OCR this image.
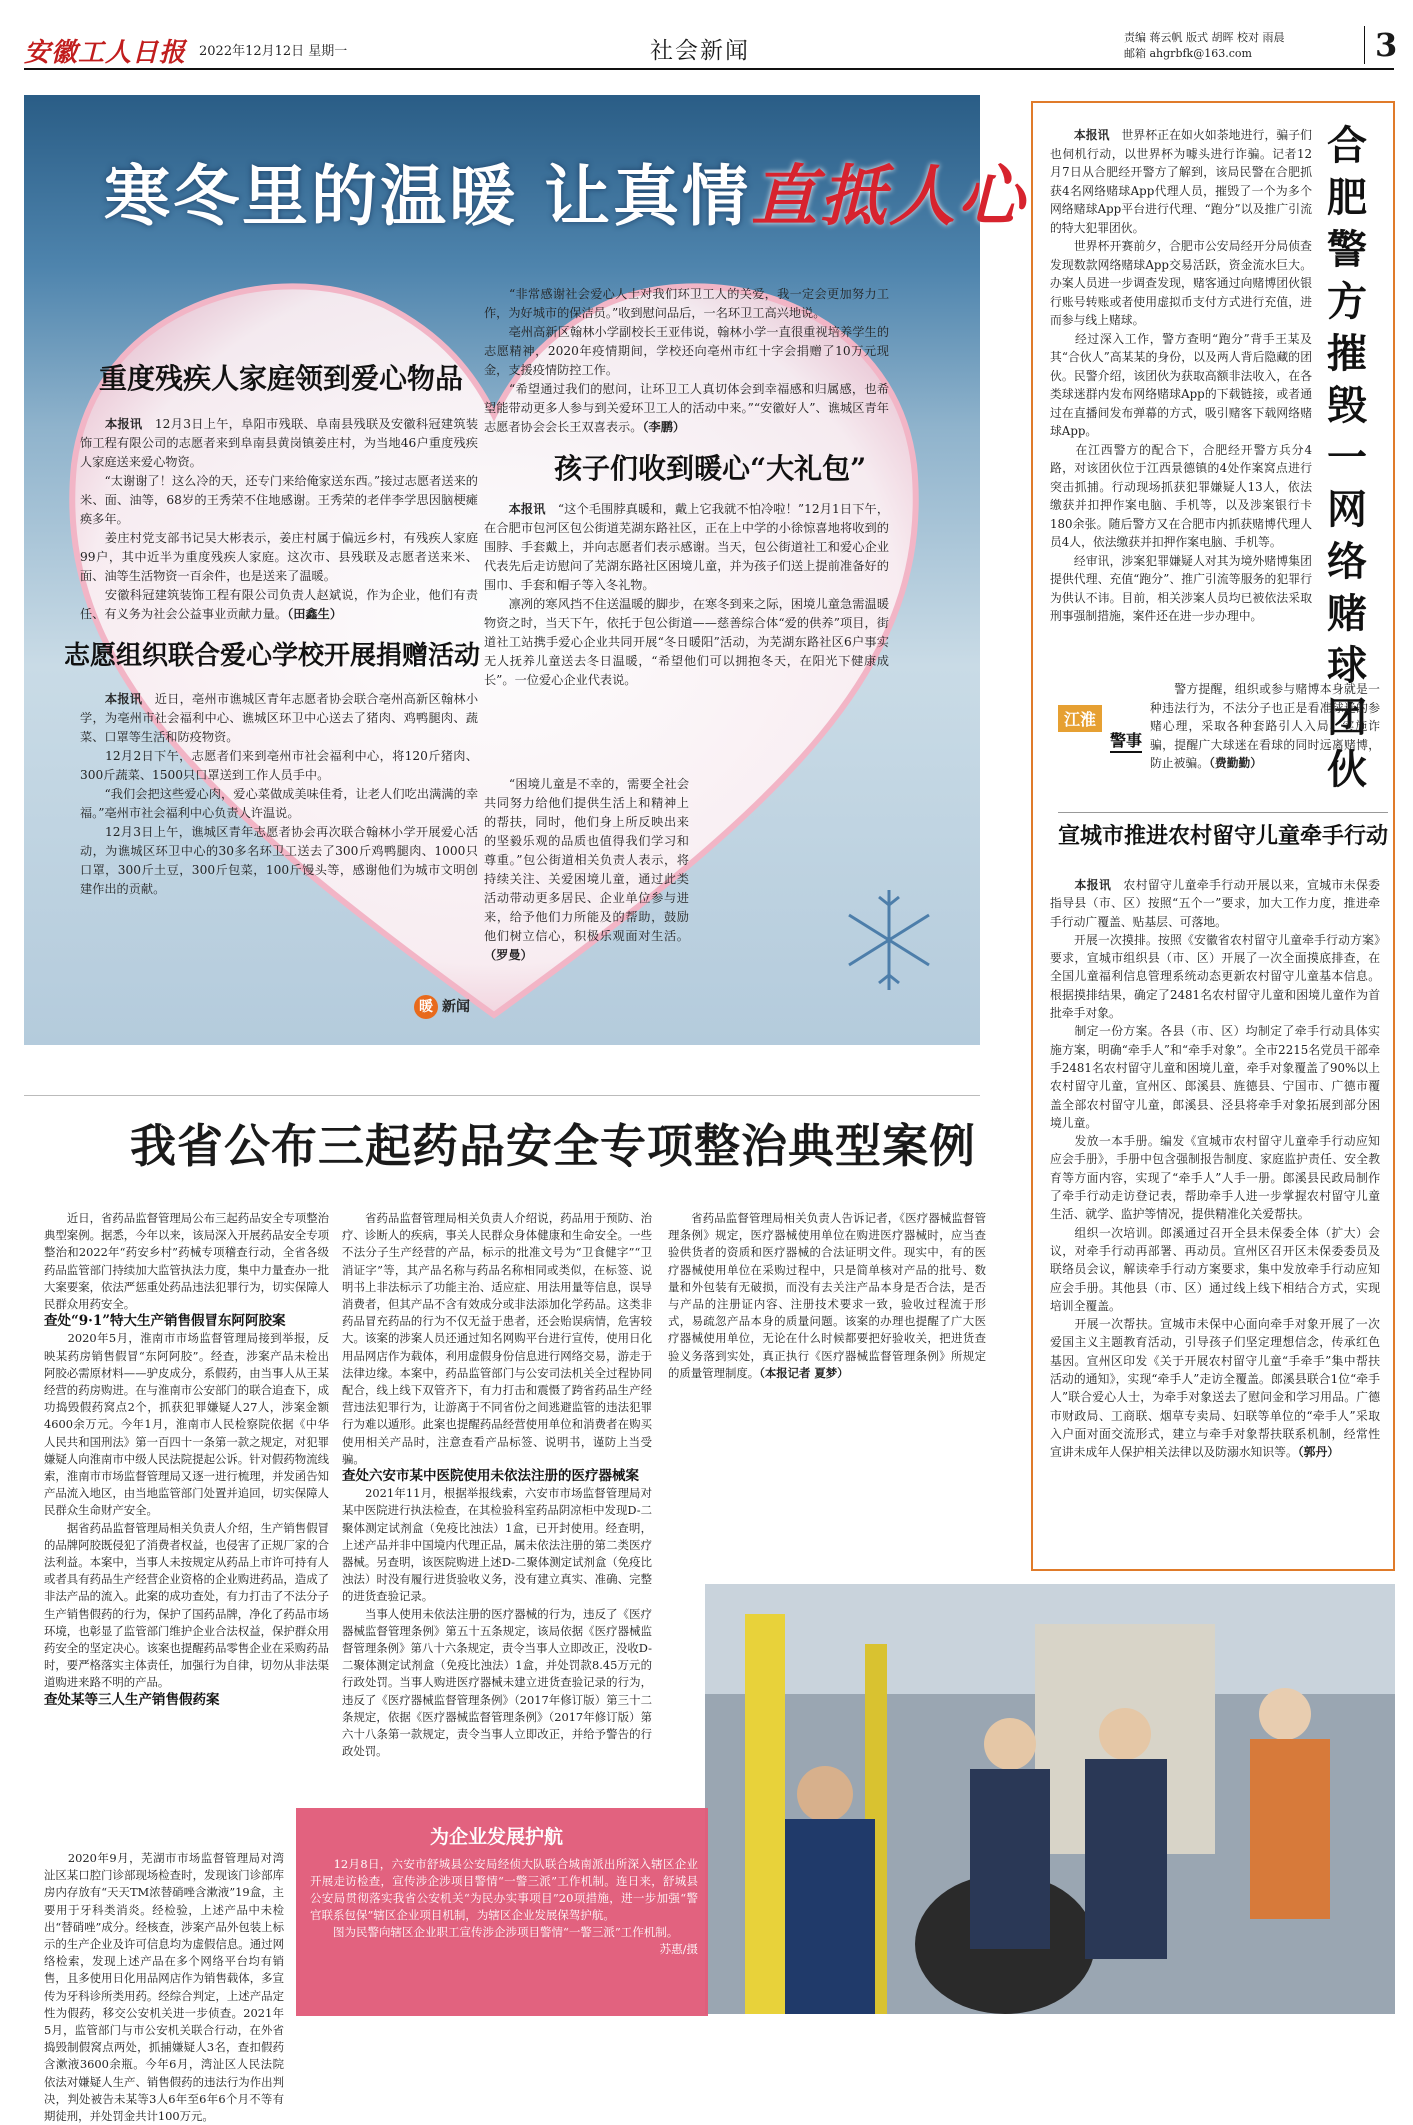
安徽工人日报 2022年12月12日 星期一	社会新闻
责编 蒋云帆 版式 胡晖 校对 雨晨
邮箱 ahgrbfk@163.com	3
寒冬里的温暖 让真情直抵人心
重度残疾人家庭领到爱心物品

　　本报讯　 12月3日上午，阜阳市残联、阜南县残联及安徽科冠建筑装饰工程有限公司的志愿者来到阜南县黄岗镇姜庄村，为当地46户重度残疾人家庭送来爱心物资。

　　“太谢谢了！这么冷的天，还专门来给俺家送东西。”接过志愿者送来的米、面、油等，68岁的王秀荣不住地感谢。王秀荣的老伴李学思因脑梗瘫痪多年。

　　姜庄村党支部书记吴大彬表示，姜庄村属于偏远乡村，有残疾人家庭99户，其中近半为重度残疾人家庭。这次市、县残联及志愿者送来米、面、油等生活物资一百余件，也是送来了温暖。

　　安徽科冠建筑装饰工程有限公司负责人赵斌说，作为企业，他们有责任、有义务为社会公益事业贡献力量。（田鑫生）

志愿组织联合爱心学校开展捐赠活动

　　本报讯　 近日，亳州市谯城区青年志愿者协会联合亳州高新区翰林小学，为亳州市社会福利中心、谯城区环卫中心送去了猪肉、鸡鸭腿肉、蔬菜、口罩等生活和防疫物资。

　　12月2日下午，志愿者们来到亳州市社会福利中心，将120斤猪肉、300斤蔬菜、1500只口罩送到工作人员手中。

　　“我们会把这些爱心肉，爱心菜做成美味佳肴，让老人们吃出满满的幸福。”亳州市社会福利中心负责人许温说。

　　12月3日上午，谯城区青年志愿者协会再次联合翰林小学开展爱心活动，为谯城区环卫中心的30多名环卫工送去了300斤鸡鸭腿肉、1000只口罩，300斤土豆，300斤包菜，100斤馒头等，感谢他们为城市文明创建作出的贡献。

　　“非常感谢社会爱心人士对我们环卫工人的关爱，我一定会更加努力工作，为好城市的保洁员。”收到慰问品后，一名环卫工高兴地说。

　　亳州高新区翰林小学副校长王亚伟说，翰林小学一直很重视培养学生的志愿精神，2020年疫情期间，学校还向亳州市红十字会捐赠了10万元现金，支援疫情防控工作。

　　“希望通过我们的慰问，让环卫工人真切体会到幸福感和归属感，也希望能带动更多人参与到关爱环卫工人的活动中来。”“安徽好人”、谯城区青年志愿者协会会长王双喜表示。（李鹏）

孩子们收到暖心“大礼包”

　　本报讯　 “这个毛围脖真暖和，戴上它我就不怕冷啦！”12月1日下午，在合肥市包河区包公街道芜湖东路社区，正在上中学的小徐惊喜地将收到的围脖、手套戴上，并向志愿者们表示感谢。当天，包公街道社工和爱心企业代表先后走访慰问了芜湖东路社区困境儿童，并为孩子们送上提前准备好的围巾、手套和帽子等入冬礼物。

　　凛冽的寒风挡不住送温暖的脚步，在寒冬到来之际，困境儿童急需温暖物资之时，当天下午，依托于包公街道——慈善综合体“爱的供养”项目，街道社工站携手爱心企业共同开展“冬日暖阳”活动，为芜湖东路社区6户事实无人抚养儿童送去冬日温暖，“希望他们可以拥抱冬天，在阳光下健康成长”。一位爱心企业代表说。

　　“困境儿童是不幸的，需要全社会共同努力给他们提供生活上和精神上的帮扶，同时，他们身上所反映出来的坚毅乐观的品质也值得我们学习和尊重。”包公街道相关负责人表示，将持续关注、关爱困境儿童，通过此类活动带动更多居民、企业单位参与进来，给予他们力所能及的帮助，鼓励他们树立信心，积极乐观面对生活。（罗曼）

暖 新闻
合肥警方摧毁一网络赌球团伙

　　本报讯　 世界杯正在如火如荼地进行，骗子们也伺机行动，以世界杯为噱头进行诈骗。记者12月7日从合肥经开警方了解到，该局民警在合肥抓获4名网络赌球App代理人员，摧毁了一个为多个网络赌球App平台进行代理、“跑分”以及推广引流的特大犯罪团伙。

　　世界杯开赛前夕，合肥市公安局经开分局侦查发现数款网络赌球App交易活跃，资金流水巨大。办案人员进一步调查发现，赌客通过向赌博团伙银行账号转账或者使用虚拟币支付方式进行充值，进而参与线上赌球。

　　经过深入工作，警方查明“跑分”背手王某及其“合伙人”高某某的身份，以及两人背后隐藏的团伙。民警介绍，该团伙为获取高额非法收入，在各类球迷群内发布网络赌球App的下载链接，或者通过在直播间发布弹幕的方式，吸引赌客下载网络赌球App。

　　在江西警方的配合下，合肥经开警方兵分4路，对该团伙位于江西景德镇的4处作案窝点进行突击抓捕。行动现场抓获犯罪嫌疑人13人，依法缴获并扣押作案电脑、手机等，以及涉案银行卡180余张。随后警方又在合肥市内抓获赌博代理人员4人，依法缴获并扣押作案电脑、手机等。

　　经审讯，涉案犯罪嫌疑人对其为境外赌博集团提供代理、充值“跑分”、推广引流等服务的犯罪行为供认不讳。目前，相关涉案人员均已被依法采取刑事强制措施，案件还在进一步办理中。

　　警方提醒，组织或参与赌博本身就是一种违法行为，不法分子也正是看准球迷的参赌心理，采取各种套路引人入局、实施诈骗，提醒广大球迷在看球的同时远离赌博，防止被骗。（费勤勤）

江淮
警事
宣城市推进农村留守儿童牵手行动

　　本报讯　 农村留守儿童牵手行动开展以来，宣城市未保委指导县（市、区）按照“五个一”要求，加大工作力度，推进牵手行动广覆盖、贴基层、可落地。

　　开展一次摸排。按照《安徽省农村留守儿童牵手行动方案》要求，宣城市组织县（市、区）开展了一次全面摸底排查，在全国儿童福利信息管理系统动态更新农村留守儿童基本信息。根据摸排结果，确定了2481名农村留守儿童和困境儿童作为首批牵手对象。

　　制定一份方案。各县（市、区）均制定了牵手行动具体实施方案，明确“牵手人”和“牵手对象”。全市2215名党员干部牵手2481名农村留守儿童和困境儿童，牵手对象覆盖了90%以上农村留守儿童，宣州区、郎溪县、旌德县、宁国市、广德市覆盖全部农村留守儿童，郎溪县、泾县将牵手对象拓展到部分困境儿童。

　　发放一本手册。编发《宣城市农村留守儿童牵手行动应知应会手册》，手册中包含强制报告制度、家庭监护责任、安全教育等方面内容，实现了“牵手人”人手一册。郎溪县民政局制作了牵手行动走访登记表，帮助牵手人进一步掌握农村留守儿童生活、就学、监护等情况，提供精准化关爱帮扶。

　　组织一次培训。郎溪通过召开全县未保委全体（扩大）会议，对牵手行动再部署、再动员。宣州区召开区未保委委员及联络员会议，解读牵手行动方案要求，集中发放牵手行动应知应会手册。其他县（市、区）通过线上线下相结合方式，实现培训全覆盖。

　　开展一次帮扶。宣城市未保中心面向牵手对象开展了一次爱国主义主题教育活动，引导孩子们坚定理想信念，传承红色基因。宣州区印发《关于开展农村留守儿童“手牵手”集中帮扶活动的通知》，实现“牵手人”走访全覆盖。郎溪县联合1位“牵手人”联合爱心人士，为牵手对象送去了慰问金和学习用品。广德市财政局、工商联、烟草专卖局、妇联等单位的“牵手人”采取入户面对面交流形式，建立与牵手对象帮扶联系机制，经常性宣讲未成年人保护相关法律以及防溺水知识等。（郭丹）

我省公布三起药品安全专项整治典型案例

　　近日，省药品监督管理局公布三起药品安全专项整治典型案例。据悉，今年以来，该局深入开展药品安全专项整治和2022年“药安乡村”药械专项稽查行动，全省各级药品监管部门持续加大监管执法力度，集中力量查办一批大案要案，依法严惩重处药品违法犯罪行为，切实保障人民群众用药安全。

查处“9·1”特大生产销售假冒东阿阿胶案

　　2020年5月，淮南市市场监督管理局接到举报，反映某药房销售假冒“东阿阿胶”。经查，涉案产品未检出阿胶必需原材料——驴皮成分，系假药，由当事人从王某经营的药房购进。在与淮南市公安部门的联合追查下，成功捣毁假药窝点2个，抓获犯罪嫌疑人27人，涉案金额4600余万元。今年1月，淮南市人民检察院依据《中华人民共和国刑法》第一百四十一条第一款之规定，对犯罪嫌疑人向淮南市中级人民法院提起公诉。针对假药物流线索，淮南市市场监督管理局又逐一进行梳理，并发函告知产品流入地区，由当地监管部门处置并追回，切实保障人民群众生命财产安全。

　　据省药品监督管理局相关负责人介绍，生产销售假冒的品牌阿胶既侵犯了消费者权益，也侵害了正规厂家的合法利益。本案中，当事人未按规定从药品上市许可持有人或者具有药品生产经营企业资格的企业购进药品，造成了非法产品的流入。此案的成功查处，有力打击了不法分子生产销售假药的行为，保护了国药品牌，净化了药品市场环境，也彰显了监管部门维护企业合法权益，保护群众用药安全的坚定决心。该案也提醒药品零售企业在采购药品时，要严格落实主体责任，加强行为自律，切勿从非法渠道购进来路不明的产品。

查处某等三人生产销售假药案

　　2020年9月，芜湖市市场监督管理局对湾沚区某口腔门诊部现场检查时，发现该门诊部库房内存放有“天天TM浓替硝唑含漱液”19盒，主要用于牙科类消炎。经检验，上述产品中未检出“替硝唑”成分。经核查，涉案产品外包装上标示的生产企业及许可信息均为虚假信息。通过网络检索，发现上述产品在多个网络平台均有销售，且多使用日化用品网店作为销售载体，多宣传为牙科诊所类用药。经综合判定，上述产品定性为假药，移交公安机关进一步侦查。2021年5月，监管部门与市公安机关联合行动，在外省捣毁制假窝点两处，抓捕嫌疑人3名，查扣假药含漱液3600余瓶。今年6月，湾沚区人民法院依法对嫌疑人生产、销售假药的违法行为作出判决，判处被告未某等3人6年至6年6个月不等有期徒刑，并处罚金共计100万元。

　　省药品监督管理局相关负责人介绍说，药品用于预防、治疗、诊断人的疾病，事关人民群众身体健康和生命安全。一些不法分子生产经营的产品，标示的批准文号为“卫食健字”“卫消证字”等，其产品名称与药品名称相同或类似，在标签、说明书上非法标示了功能主治、适应症、用法用量等信息，误导消费者，但其产品不含有效成分或非法添加化学药品。这类非药品冒充药品的行为不仅无益于患者，还会贻误病情，危害较大。该案的涉案人员还通过知名网购平台进行宣传，使用日化用品网店作为载体，利用虚假身份信息进行网络交易，游走于法律边缘。本案中，药品监管部门与公安司法机关全过程协同配合，线上线下双管齐下，有力打击和震慑了跨省药品生产经营违法犯罪行为，让游离于不同省份之间逃避监管的违法犯罪行为难以遁形。此案也提醒药品经营使用单位和消费者在购买使用相关产品时，注意查看产品标签、说明书，谨防上当受骗。

查处六安市某中医院使用未依法注册的医疗器械案

　　2021年11月，根据举报线索，六安市市场监督管理局对某中医院进行执法检查，在其检验科室药品阴凉柜中发现D-二聚体测定试剂盒（免疫比浊法）1盒，已开封使用。经查明，上述产品并非中国境内代理正品，属未依法注册的第二类医疗器械。另查明，该医院购进上述D-二聚体测定试剂盒（免疫比浊法）时没有履行进货验收义务，没有建立真实、准确、完整的进货查验记录。

　　当事人使用未依法注册的医疗器械的行为，违反了《医疗器械监督管理条例》第五十五条规定，该局依据《医疗器械监督管理条例》第八十六条规定，责令当事人立即改正，没收D-二聚体测定试剂盒（免疫比浊法）1盒，并处罚款8.45万元的行政处罚。当事人购进医疗器械未建立进货查验记录的行为，违反了《医疗器械监督管理条例》（2017年修订版）第三十二条规定，依据《医疗器械监督管理条例》（2017年修订版）第六十八条第一款规定，责令当事人立即改正，并给予警告的行政处罚。

　　省药品监督管理局相关负责人告诉记者，《医疗器械监督管理条例》规定，医疗器械使用单位在购进医疗器械时，应当查验供货者的资质和医疗器械的合法证明文件。现实中，有的医疗器械使用单位在采购过程中，只是简单核对产品的批号、数量和外包装有无破损，而没有去关注产品本身是否合法，是否与产品的注册证内容、注册技术要求一致，验收过程流于形式，易疏忽产品本身的质量问题。该案的办理也提醒了广大医疗器械使用单位，无论在什么时候都要把好验收关，把进货查验义务落到实处，真正执行《医疗器械监督管理条例》所规定的质量管理制度。（本报记者 夏梦）

为企业发展护航

　　12月8日，六安市舒城县公安局经侦大队联合城南派出所深入辖区企业开展走访检查，宣传涉企涉项目警情“一警三派”工作机制。连日来，舒城县公安局贯彻落实我省公安机关“为民办实事项目”20项措施，进一步加强“警官联系包保”辖区企业项目机制，为辖区企业发展保驾护航。

　　图为民警向辖区企业职工宣传涉企涉项目警情“一警三派”工作机制。
苏惠/摄
